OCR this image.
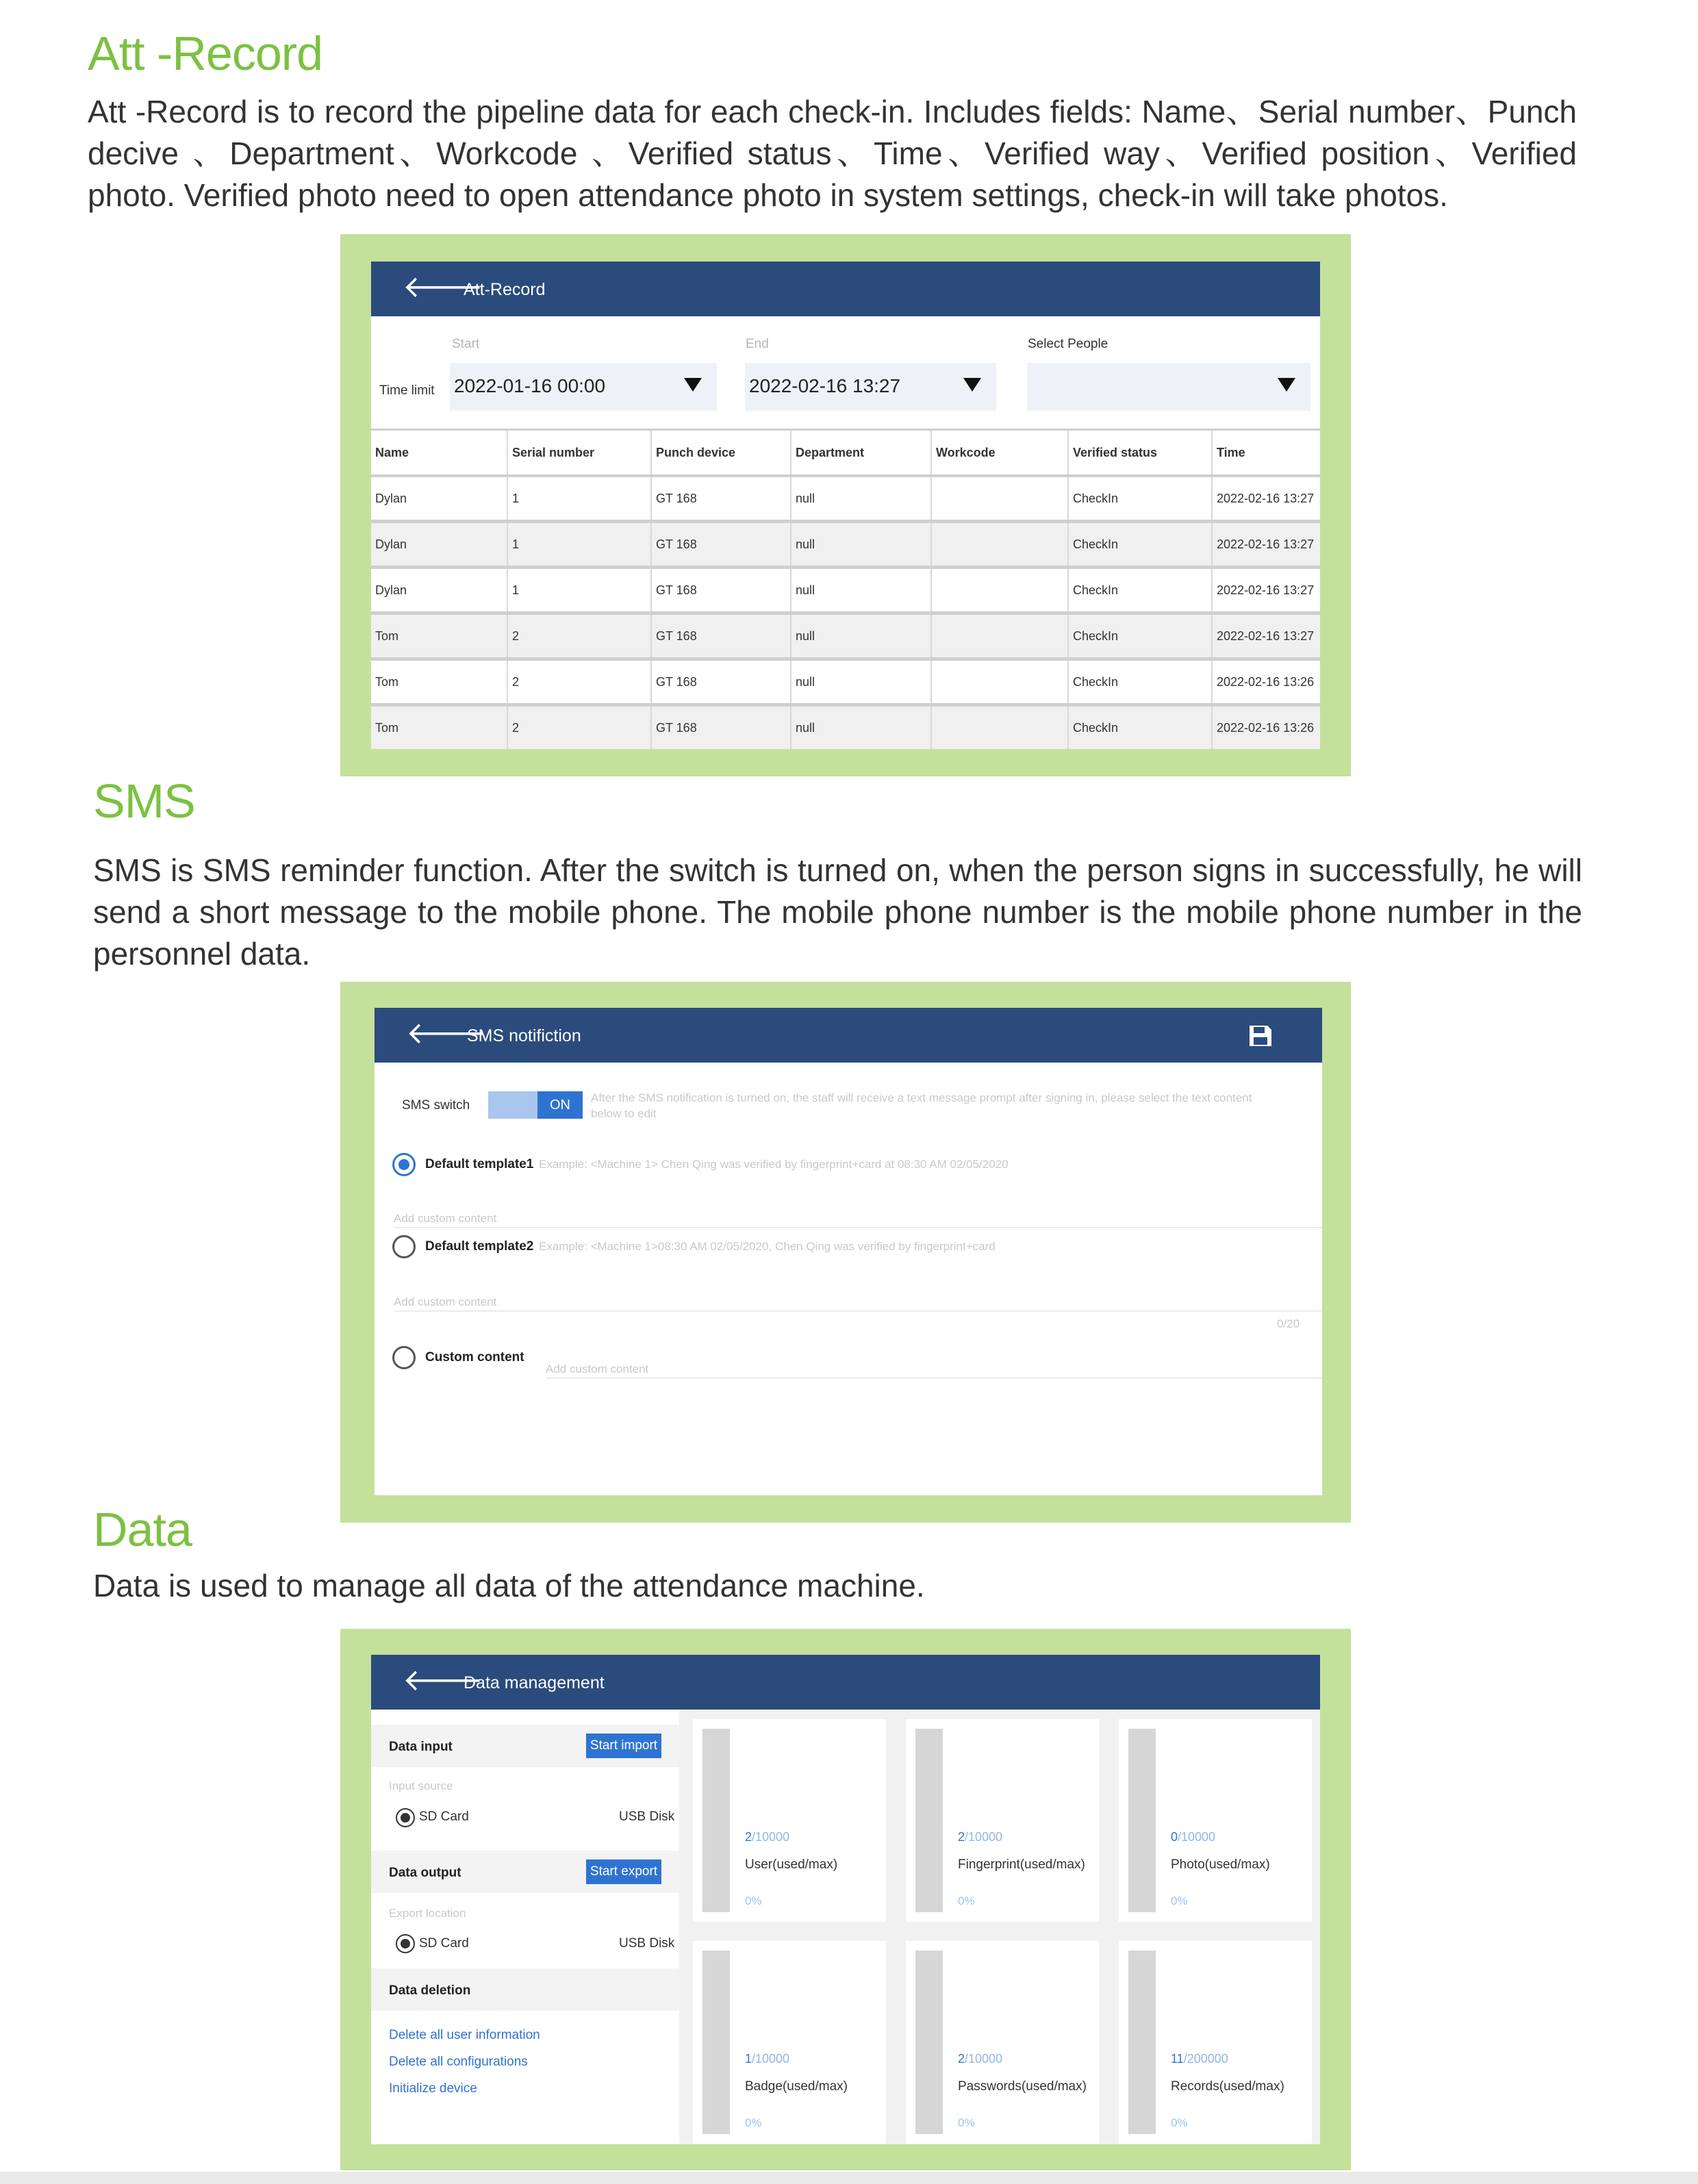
Att -Record
Att -Record is to record the pipeline data for each check-in. Includes fields: Name、Serial number、Punch decive 、Department、Workcode 、Verified status、Time、Verified way、Verified position、Verified photo. Verified photo need to open attendance photo in system settings, check-in will take photos.
🡐
Att-Record
Start	End	Select People
Time limit 2022-01-16 00:00	2022-02-16 13:27
Name	Serial number	Punch device	Department	Workcode	Verified status	Time
Dylan	1	GT 168	null		CheckIn	2022-02-16 13:27
Dylan	1	GT 168	null		CheckIn	2022-02-16 13:27
Dylan	1	GT 168	null		CheckIn	2022-02-16 13:27
Tom	2	GT 168	null		CheckIn	2022-02-16 13:27
Tom	2	GT 168	null		CheckIn	2022-02-16 13:26
Tom	2	GT 168	null		CheckIn	2022-02-16 13:26
SMS
SMS is SMS reminder function. After the switch is turned on, when the person signs in successfully, he will send a short message to the mobile phone. The mobile phone number is the mobile phone number in the personnel data.
🡐
SMS notifiction
SMS switch	ON	After the SMS notification is turned on, the staff will receive a text message prompt after signing in, please select the text content below to edit
Default template1 Example: <Machine 1> Chen Qing was verified by fingerprint+card at 08:30 AM 02/05/2020
Add custom content
Default template2 Example: <Machine 1>08:30 AM 02/05/2020, Chen Qing was verified by fingerprint+card
Add custom content
0/20
Custom content
Add custom content
Data
Data is used to manage all data of the attendance machine.
🡐
Data management
Data input	Start import
Input source
SD Card	USB Disk
Data output	Start export
Export location
SD Card	USB Disk
Data deletion
Delete all user information
Delete all configurations
Initialize device
2/10000
User(used/max)
0%
2/10000
Fingerprint(used/max)
0%
0/10000
Photo(used/max)
0%
1/10000
Badge(used/max)
0%
2/10000
Passwords(used/max)
0%
11/200000
Records(used/max)
0%
